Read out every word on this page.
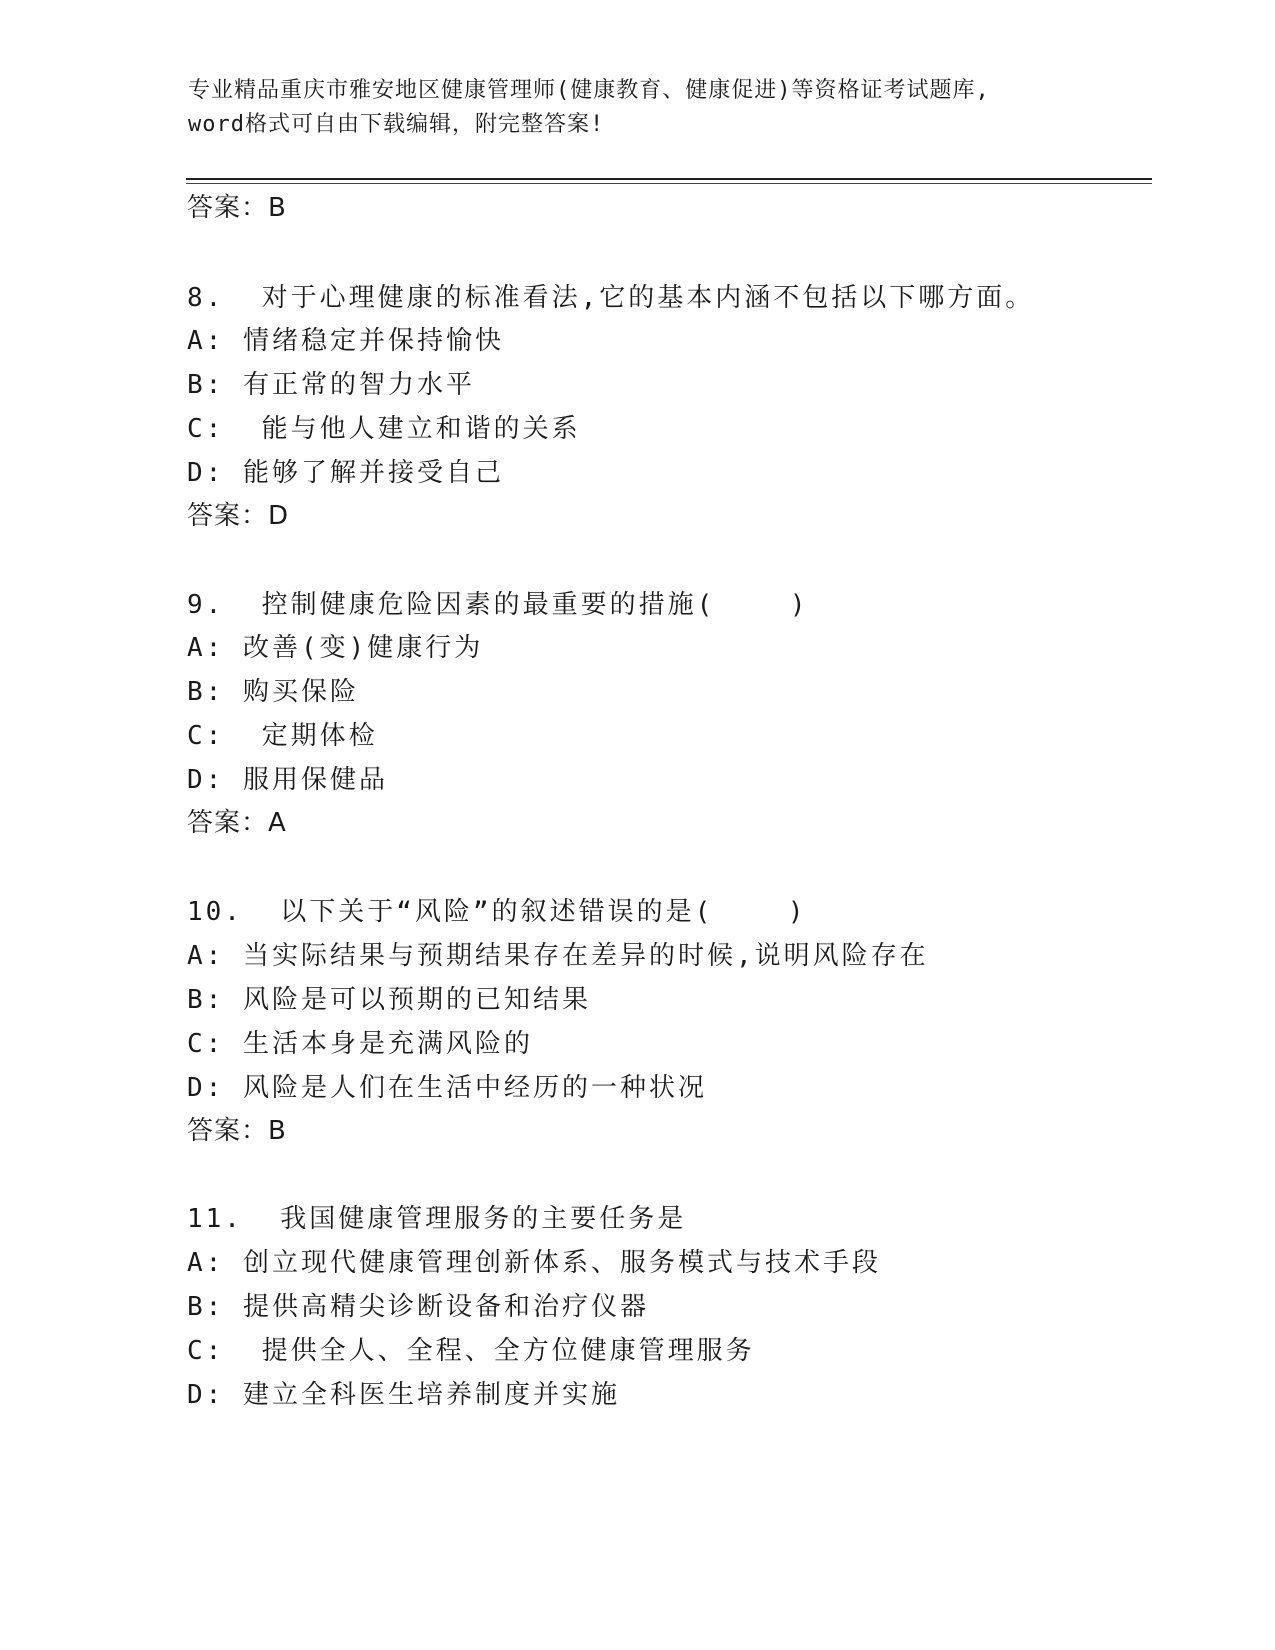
专业精品重庆市雅安地区健康管理师(健康教育、健康促进)等资格证考试题库,
word格式可自由下载编辑，附完整答案!
答案：B
8.  对于心理健康的标准看法,它的基本内涵不包括以下哪方面。
A: 情绪稳定并保持愉快
B: 有正常的智力水平
C:  能与他人建立和谐的关系
D: 能够了解并接受自己
答案：D
9.  控制健康危险因素的最重要的措施(    )
A: 改善(变)健康行为
B: 购买保险
C:  定期体检
D: 服用保健品
答案：A
10.  以下关于“风险”的叙述错误的是(    )
A: 当实际结果与预期结果存在差异的时候,说明风险存在
B: 风险是可以预期的已知结果
C: 生活本身是充满风险的
D: 风险是人们在生活中经历的一种状况
答案：B
11.  我国健康管理服务的主要任务是
A: 创立现代健康管理创新体系、服务模式与技术手段
B: 提供高精尖诊断设备和治疗仪器
C:  提供全人、全程、全方位健康管理服务
D: 建立全科医生培养制度并实施
